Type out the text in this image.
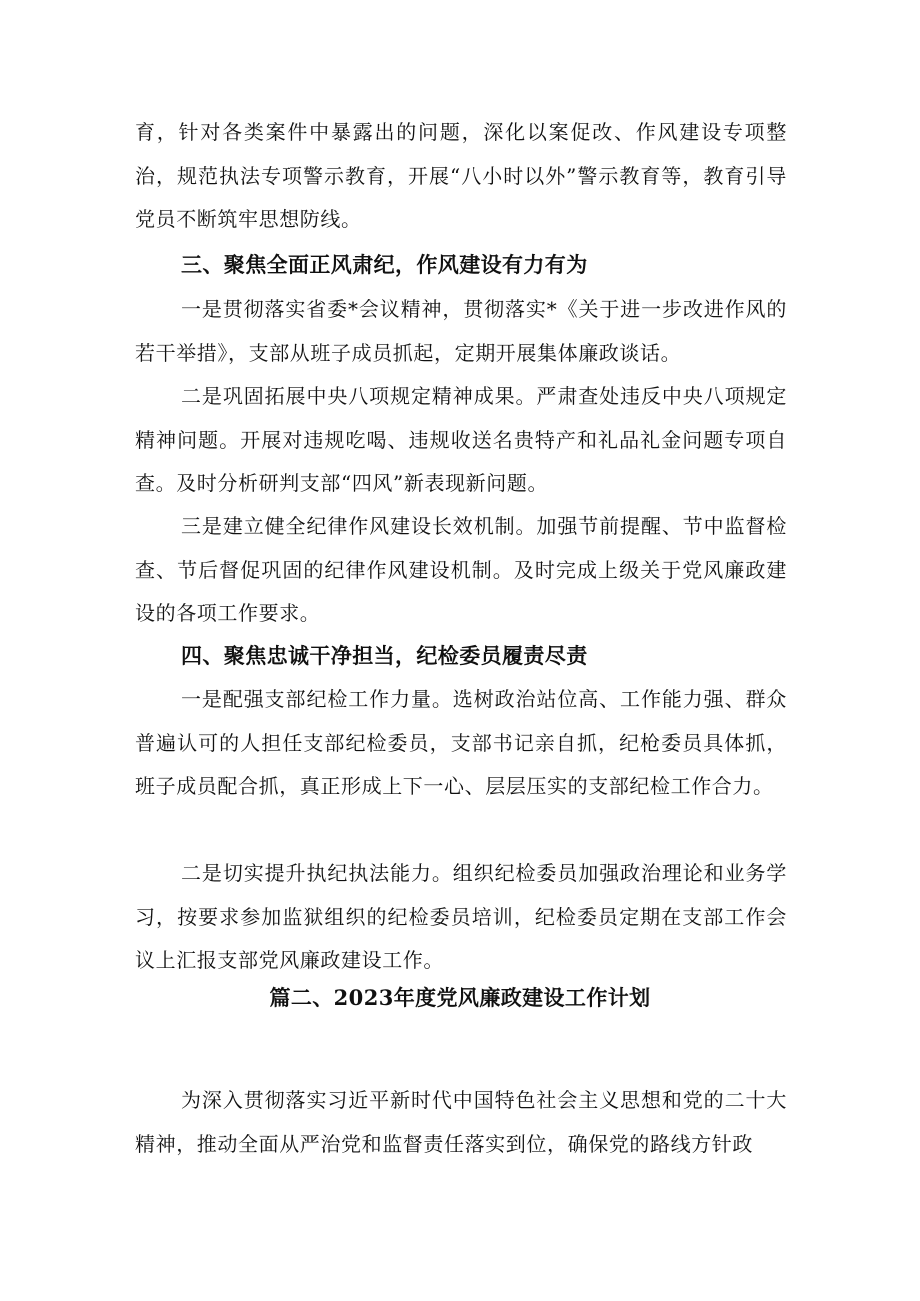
育，针对各类案件中暴露出的问题，深化以案促改、作风建设专项整治，规范执法专项警示教育，开展“八小时以外”警示教育等，教育引导党员不断筑牢思想防线。

三、聚焦全面正风肃纪，作风建设有力有为

一是贯彻落实省委*会议精神，贯彻落实*《关于进一步改进作风的若干举措》，支部从班子成员抓起，定期开展集体廉政谈话。

二是巩固拓展中央八项规定精神成果。严肃查处违反中央八项规定精神问题。开展对违规吃喝、违规收送名贵特产和礼品礼金问题专项自查。及时分析研判支部“四风”新表现新问题。

三是建立健全纪律作风建设长效机制。加强节前提醒、节中监督检查、节后督促巩固的纪律作风建设机制。及时完成上级关于党风廉政建设的各项工作要求。

四、聚焦忠诚干净担当，纪检委员履责尽责

一是配强支部纪检工作力量。选树政治站位高、工作能力强、群众普遍认可的人担任支部纪检委员，支部书记亲自抓，纪枪委员具体抓，班子成员配合抓，真正形成上下一心、层层压实的支部纪检工作合力。

二是切实提升执纪执法能力。组织纪检委员加强政治理论和业务学习，按要求参加监狱组织的纪检委员培训，纪检委员定期在支部工作会议上汇报支部党风廉政建设工作。

篇二、2023年度党风廉政建设工作计划

为深入贯彻落实习近平新时代中国特色社会主义思想和党的二十大精神，推动全面从严治党和监督责任落实到位，确保党的路线方针政
